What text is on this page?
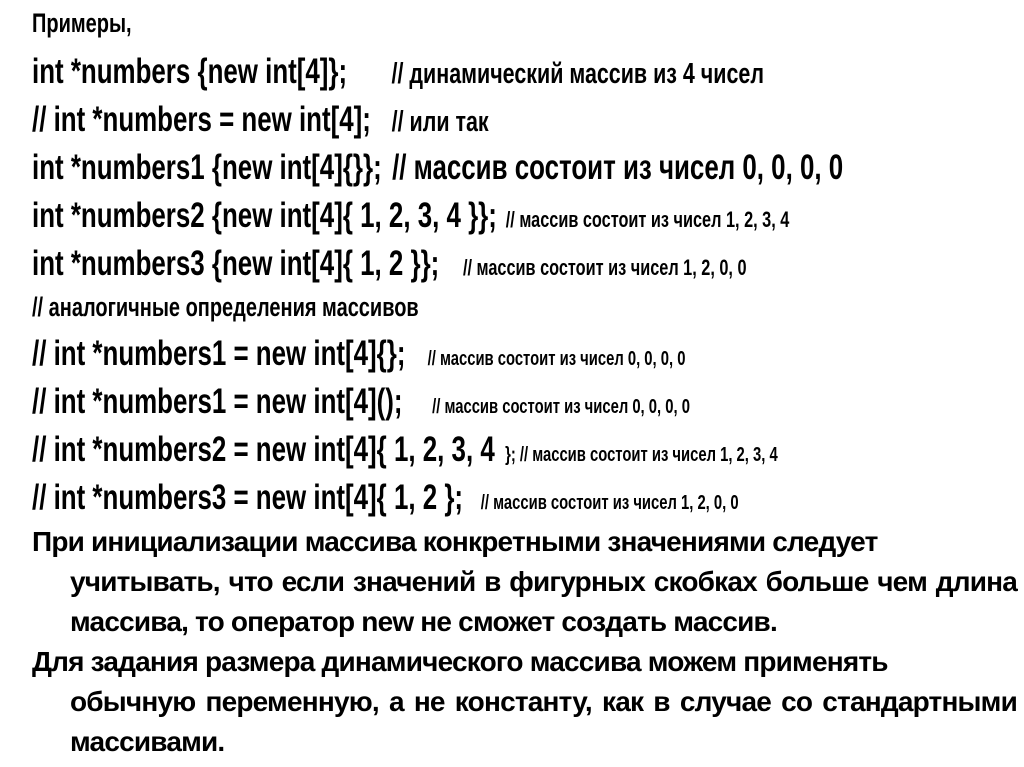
Примеры,
int *numbers {new int[4]}; // динамический массив из 4 чисел
// int *numbers = new int[4]; // или так
int *numbers1 {new int[4]{}}; // массив состоит из чисел 0, 0, 0, 0
int *numbers2 {new int[4]{ 1, 2, 3, 4 }}; // массив состоит из чисел 1, 2, 3, 4
int *numbers3 {new int[4]{ 1, 2 }}; // массив состоит из чисел 1, 2, 0, 0
// аналогичные определения массивов
// int *numbers1 = new int[4]{}; // массив состоит из чисел 0, 0, 0, 0
// int *numbers1 = new int[4](); // массив состоит из чисел 0, 0, 0, 0
// int *numbers2 = new int[4]{ 1, 2, 3, 4 }; // массив состоит из чисел 1, 2, 3, 4
// int *numbers3 = new int[4]{ 1, 2 }; // массив состоит из чисел 1, 2, 0, 0
При инициализации массива конкретными значениями следует
учитывать, что если значений в фигурных скобках больше чем длина массива, то оператор new не сможет создать массив.
Для задания размера динамического массива можем применять
обычную переменную, а не константу, как в случае со стандартными массивами.
